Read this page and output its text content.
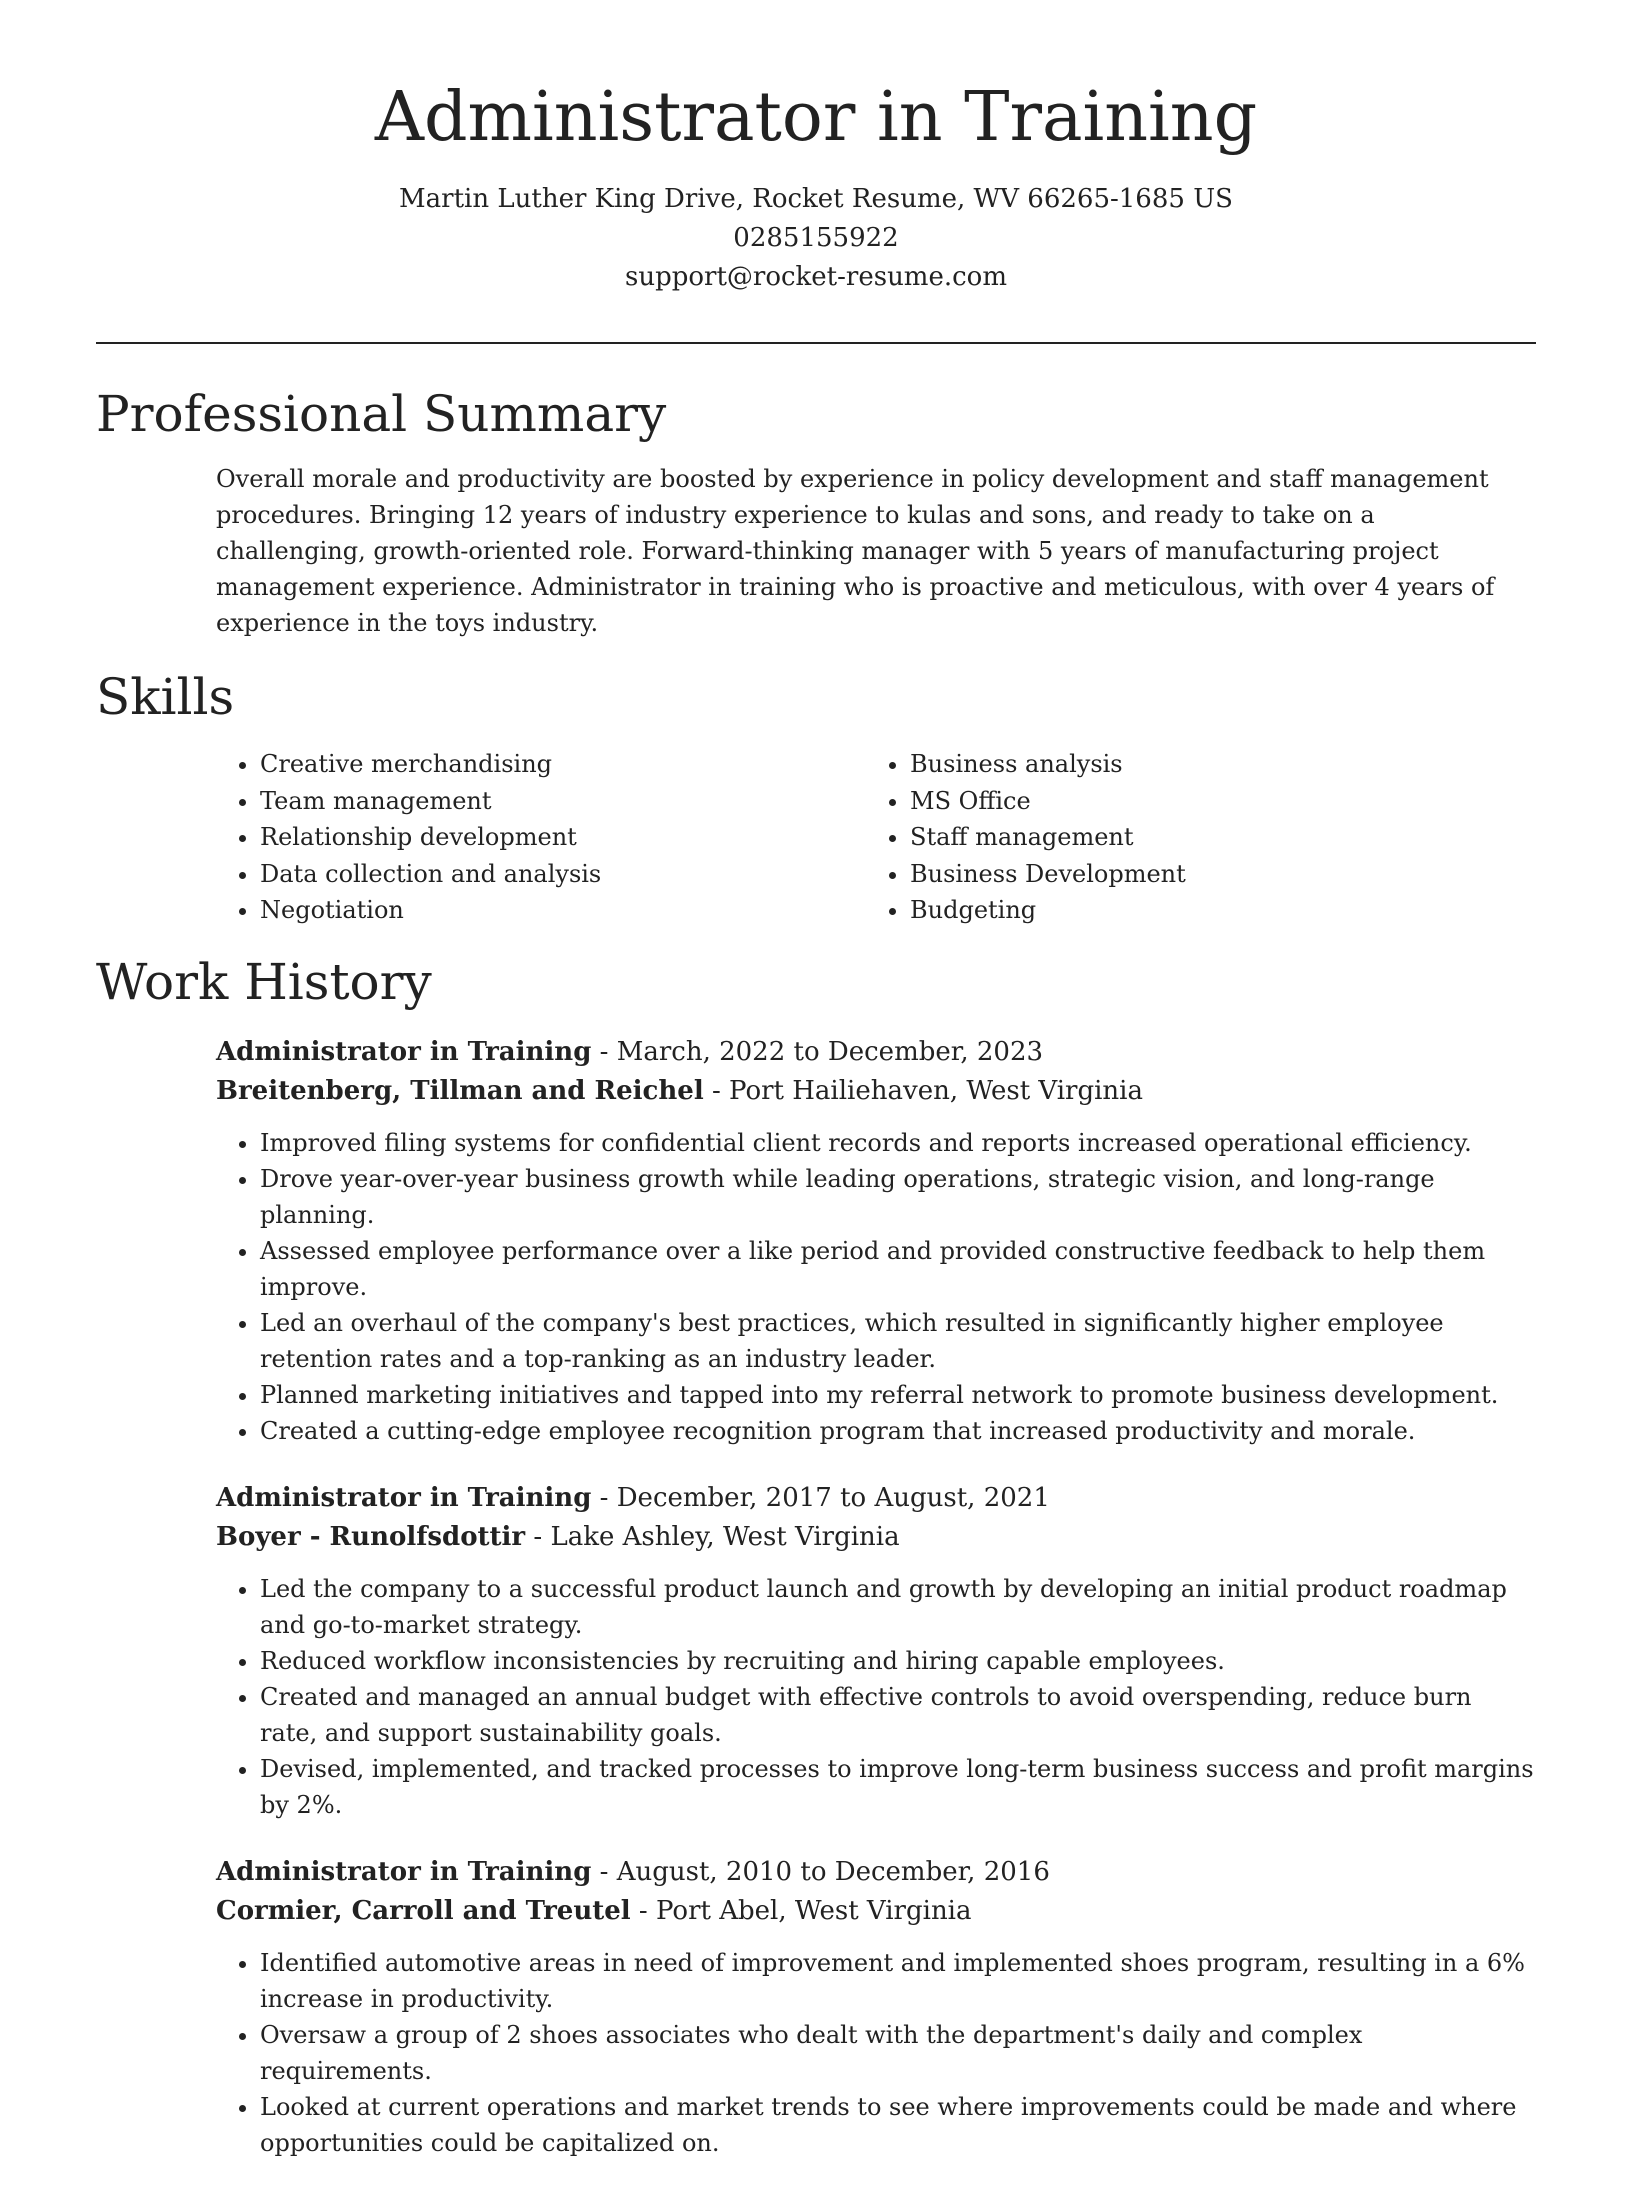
Administrator in Training
Martin Luther King Drive, Rocket Resume, WV 66265-1685 US
0285155922
support@rocket-resume.com
Professional Summary

Overall morale and productivity are boosted by experience in policy development and staff management procedures. Bringing 12 years of industry experience to kulas and sons, and ready to take on a challenging, growth-oriented role. Forward-thinking manager with 5 years of manufacturing project management experience. Administrator in training who is proactive and meticulous, with over 4 years of experience in the toys industry.

Skills
• Creative merchandising
• Team management
• Relationship development
• Data collection and analysis
• Negotiation
• Business analysis
• MS Office
• Staff management
• Business Development
• Budgeting
Work History
Administrator in Training - March, 2022 to December, 2023
Breitenberg, Tillman and Reichel - Port Hailiehaven, West Virginia
• Improved filing systems for confidential client records and reports increased operational efficiency.
• Drove year-over-year business growth while leading operations, strategic vision, and long-range planning.
• Assessed employee performance over a like period and provided constructive feedback to help them improve.
• Led an overhaul of the company's best practices, which resulted in significantly higher employee retention rates and a top-ranking as an industry leader.
• Planned marketing initiatives and tapped into my referral network to promote business development.
• Created a cutting-edge employee recognition program that increased productivity and morale.
Administrator in Training - December, 2017 to August, 2021
Boyer - Runolfsdottir - Lake Ashley, West Virginia
• Led the company to a successful product launch and growth by developing an initial product roadmap and go-to-market strategy.
• Reduced workflow inconsistencies by recruiting and hiring capable employees.
• Created and managed an annual budget with effective controls to avoid overspending, reduce burn rate, and support sustainability goals.
• Devised, implemented, and tracked processes to improve long-term business success and profit margins by 2%.
Administrator in Training - August, 2010 to December, 2016
Cormier, Carroll and Treutel - Port Abel, West Virginia
• Identified automotive areas in need of improvement and implemented shoes program, resulting in a 6% increase in productivity.
• Oversaw a group of 2 shoes associates who dealt with the department's daily and complex requirements.
• Looked at current operations and market trends to see where improvements could be made and where opportunities could be capitalized on.
